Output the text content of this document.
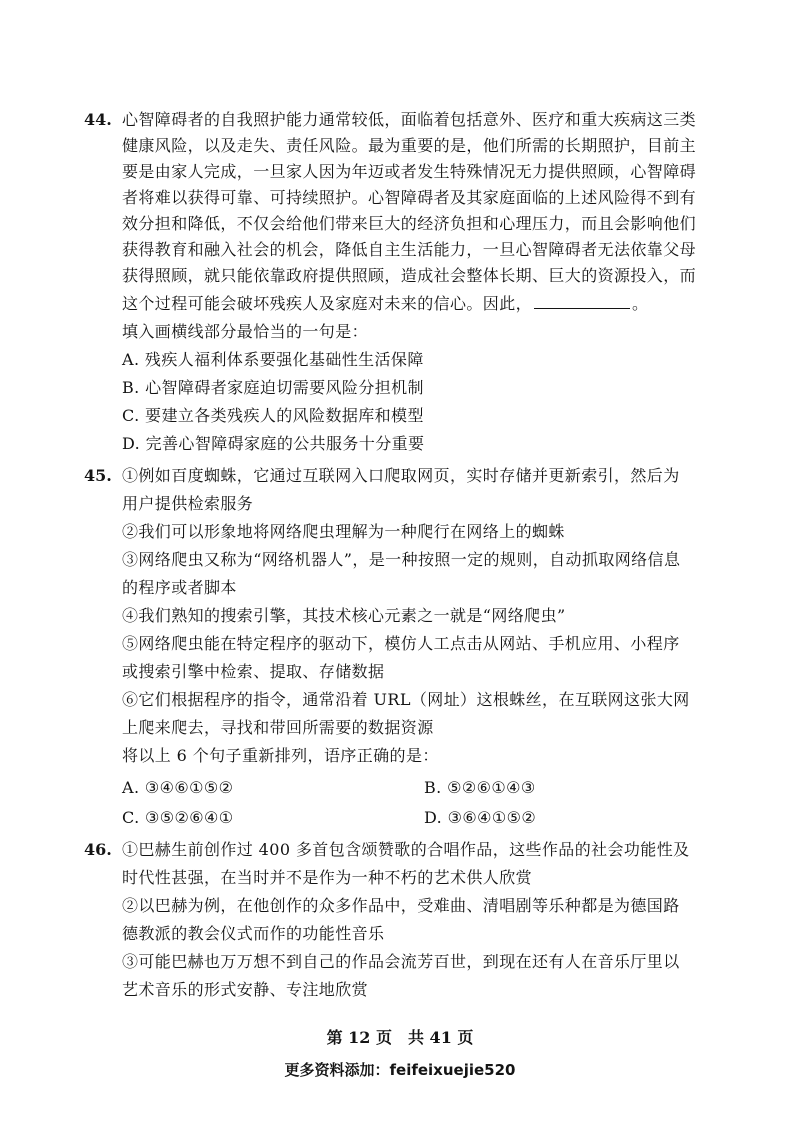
44. 心智障碍者的自我照护能力通常较低，面临着包括意外、医疗和重大疾病这三类
健康风险，以及走失、责任风险。最为重要的是，他们所需的长期照护，目前主
要是由家人完成，一旦家人因为年迈或者发生特殊情况无力提供照顾，心智障碍
者将难以获得可靠、可持续照护。心智障碍者及其家庭面临的上述风险得不到有
效分担和降低，不仅会给他们带来巨大的经济负担和心理压力，而且会影响他们
获得教育和融入社会的机会，降低自主生活能力，一旦心智障碍者无法依靠父母
获得照顾，就只能依靠政府提供照顾，造成社会整体长期、巨大的资源投入，而
这个过程可能会破坏残疾人及家庭对未来的信心。因此，	。
填入画横线部分最恰当的一句是：
A. 残疾人福利体系要强化基础性生活保障
B. 心智障碍者家庭迫切需要风险分担机制
C. 要建立各类残疾人的风险数据库和模型
D. 完善心智障碍家庭的公共服务十分重要
45. ①例如百度蜘蛛，它通过互联网入口爬取网页，实时存储并更新索引，然后为
用户提供检索服务
②我们可以形象地将网络爬虫理解为一种爬行在网络上的蜘蛛
③网络爬虫又称为“网络机器人”，是一种按照一定的规则，自动抓取网络信息
的程序或者脚本
④我们熟知的搜索引擎，其技术核心元素之一就是“网络爬虫”
⑤网络爬虫能在特定程序的驱动下，模仿人工点击从网站、手机应用、小程序
或搜索引擎中检索、提取、存储数据
⑥它们根据程序的指令，通常沿着 URL（网址）这根蛛丝，在互联网这张大网
上爬来爬去，寻找和带回所需要的数据资源
将以上 6 个句子重新排列，语序正确的是：
A. ③④⑥①⑤②	B. ⑤②⑥①④③
C. ③⑤②⑥④①	D. ③⑥④①⑤②
46. ①巴赫生前创作过 400 多首包含颂赞歌的合唱作品，这些作品的社会功能性及
时代性甚强，在当时并不是作为一种不朽的艺术供人欣赏
②以巴赫为例，在他创作的众多作品中，受难曲、清唱剧等乐种都是为德国路
德教派的教会仪式而作的功能性音乐
③可能巴赫也万万想不到自己的作品会流芳百世，到现在还有人在音乐厅里以
艺术音乐的形式安静、专注地欣赏
第 12 页　共 41 页
更多资料添加：feifeixuejie520
